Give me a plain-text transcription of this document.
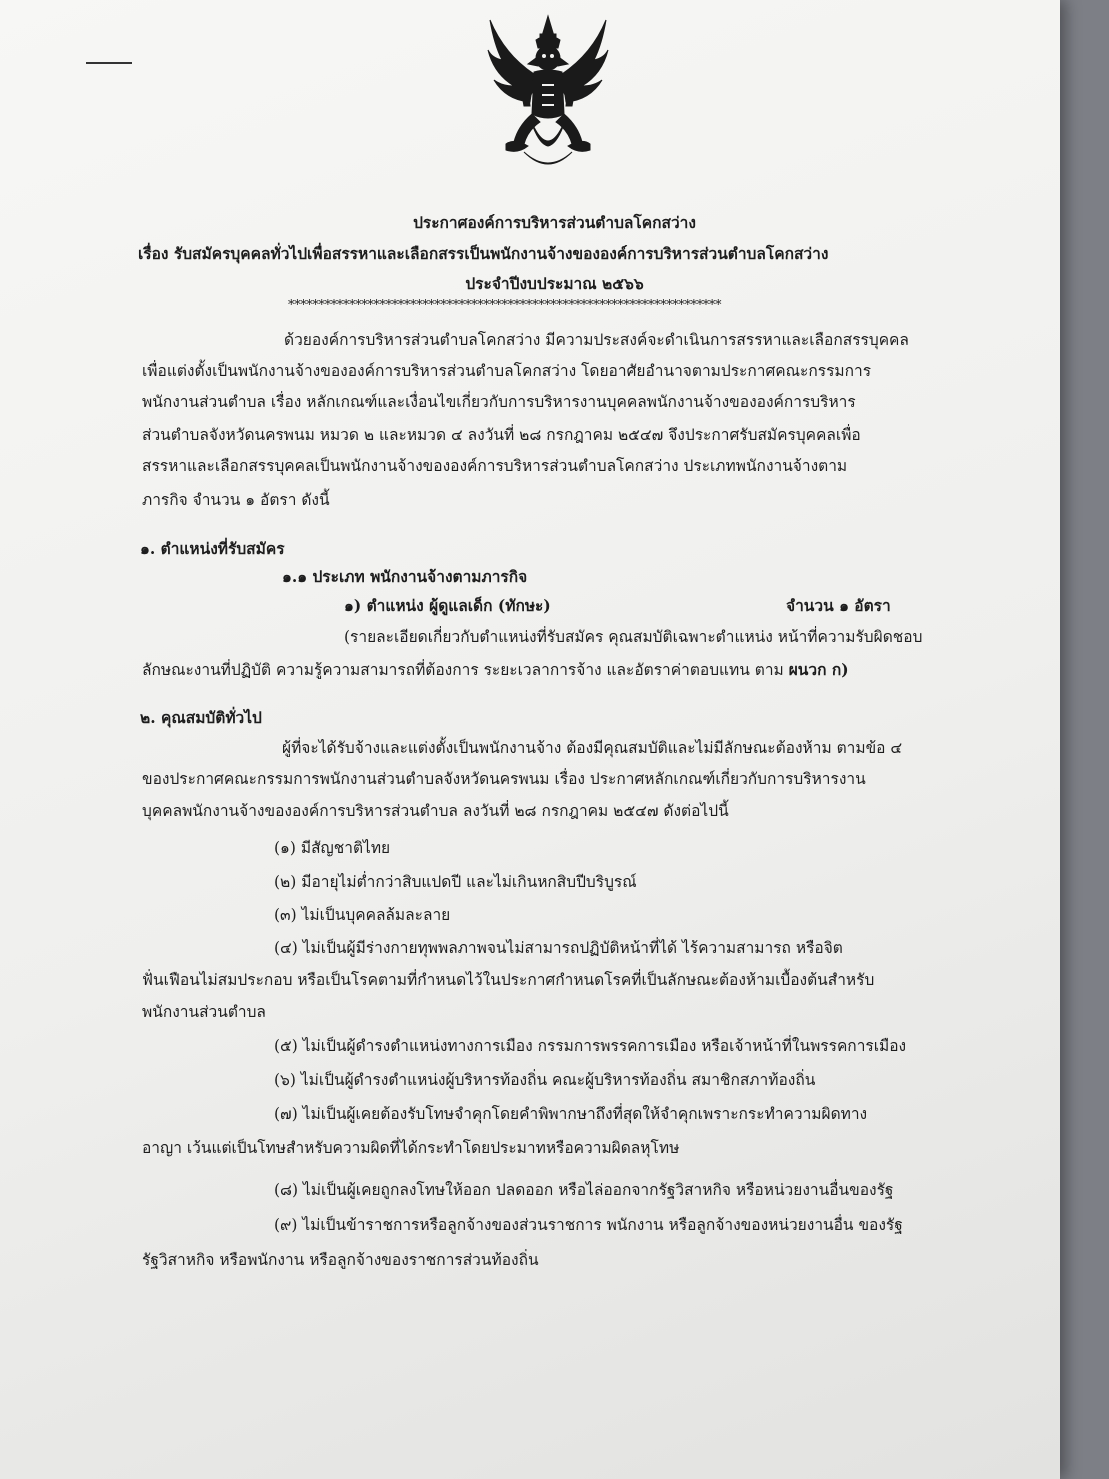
ประกาศองค์การบริหารส่วนตำบลโคกสว่าง
เรื่อง รับสมัครบุคคลทั่วไปเพื่อสรรหาและเลือกสรรเป็นพนักงานจ้างขององค์การบริหารส่วนตำบลโคกสว่าง
ประจำปีงบประมาณ ๒๕๖๖
***********************************************************************
ด้วยองค์การบริหารส่วนตำบลโคกสว่าง มีความประสงค์จะดำเนินการสรรหาและเลือกสรรบุคคล
เพื่อแต่งตั้งเป็นพนักงานจ้างขององค์การบริหารส่วนตำบลโคกสว่าง โดยอาศัยอำนาจตามประกาศคณะกรรมการ
พนักงานส่วนตำบล เรื่อง หลักเกณฑ์และเงื่อนไขเกี่ยวกับการบริหารงานบุคคลพนักงานจ้างขององค์การบริหาร
ส่วนตำบลจังหวัดนครพนม หมวด ๒ และหมวด ๔ ลงวันที่ ๒๘ กรกฎาคม ๒๕๔๗ จึงประกาศรับสมัครบุคคลเพื่อ
สรรหาและเลือกสรรบุคคลเป็นพนักงานจ้างขององค์การบริหารส่วนตำบลโคกสว่าง ประเภทพนักงานจ้างตาม
ภารกิจ จำนวน ๑ อัตรา ดังนี้
๑. ตำแหน่งที่รับสมัคร
๑.๑ ประเภท พนักงานจ้างตามภารกิจ
๑) ตำแหน่ง ผู้ดูแลเด็ก (ทักษะ)	จำนวน ๑ อัตรา
(รายละเอียดเกี่ยวกับตำแหน่งที่รับสมัคร คุณสมบัติเฉพาะตำแหน่ง หน้าที่ความรับผิดชอบ
ลักษณะงานที่ปฏิบัติ ความรู้ความสามารถที่ต้องการ ระยะเวลาการจ้าง และอัตราค่าตอบแทน ตาม ผนวก ก)
๒. คุณสมบัติทั่วไป
ผู้ที่จะได้รับจ้างและแต่งตั้งเป็นพนักงานจ้าง ต้องมีคุณสมบัติและไม่มีลักษณะต้องห้าม ตามข้อ ๔
ของประกาศคณะกรรมการพนักงานส่วนตำบลจังหวัดนครพนม เรื่อง ประกาศหลักเกณฑ์เกี่ยวกับการบริหารงาน
บุคคลพนักงานจ้างขององค์การบริหารส่วนตำบล ลงวันที่ ๒๘ กรกฎาคม ๒๕๔๗ ดังต่อไปนี้
(๑) มีสัญชาติไทย
(๒) มีอายุไม่ต่ำกว่าสิบแปดปี และไม่เกินหกสิบปีบริบูรณ์
(๓) ไม่เป็นบุคคลล้มละลาย
(๔) ไม่เป็นผู้มีร่างกายทุพพลภาพจนไม่สามารถปฏิบัติหน้าที่ได้ ไร้ความสามารถ หรือจิต
ฟั่นเฟือนไม่สมประกอบ หรือเป็นโรคตามที่กำหนดไว้ในประกาศกำหนดโรคที่เป็นลักษณะต้องห้ามเบื้องต้นสำหรับ
พนักงานส่วนตำบล
(๕) ไม่เป็นผู้ดำรงตำแหน่งทางการเมือง กรรมการพรรคการเมือง หรือเจ้าหน้าที่ในพรรคการเมือง
(๖) ไม่เป็นผู้ดำรงตำแหน่งผู้บริหารท้องถิ่น คณะผู้บริหารท้องถิ่น สมาชิกสภาท้องถิ่น
(๗) ไม่เป็นผู้เคยต้องรับโทษจำคุกโดยคำพิพากษาถึงที่สุดให้จำคุกเพราะกระทำความผิดทาง
อาญา เว้นแต่เป็นโทษสำหรับความผิดที่ได้กระทำโดยประมาทหรือความผิดลหุโทษ
(๘) ไม่เป็นผู้เคยถูกลงโทษให้ออก ปลดออก หรือไล่ออกจากรัฐวิสาหกิจ หรือหน่วยงานอื่นของรัฐ
(๙) ไม่เป็นข้าราชการหรือลูกจ้างของส่วนราชการ พนักงาน หรือลูกจ้างของหน่วยงานอื่น ของรัฐ
รัฐวิสาหกิจ หรือพนักงาน หรือลูกจ้างของราชการส่วนท้องถิ่น
